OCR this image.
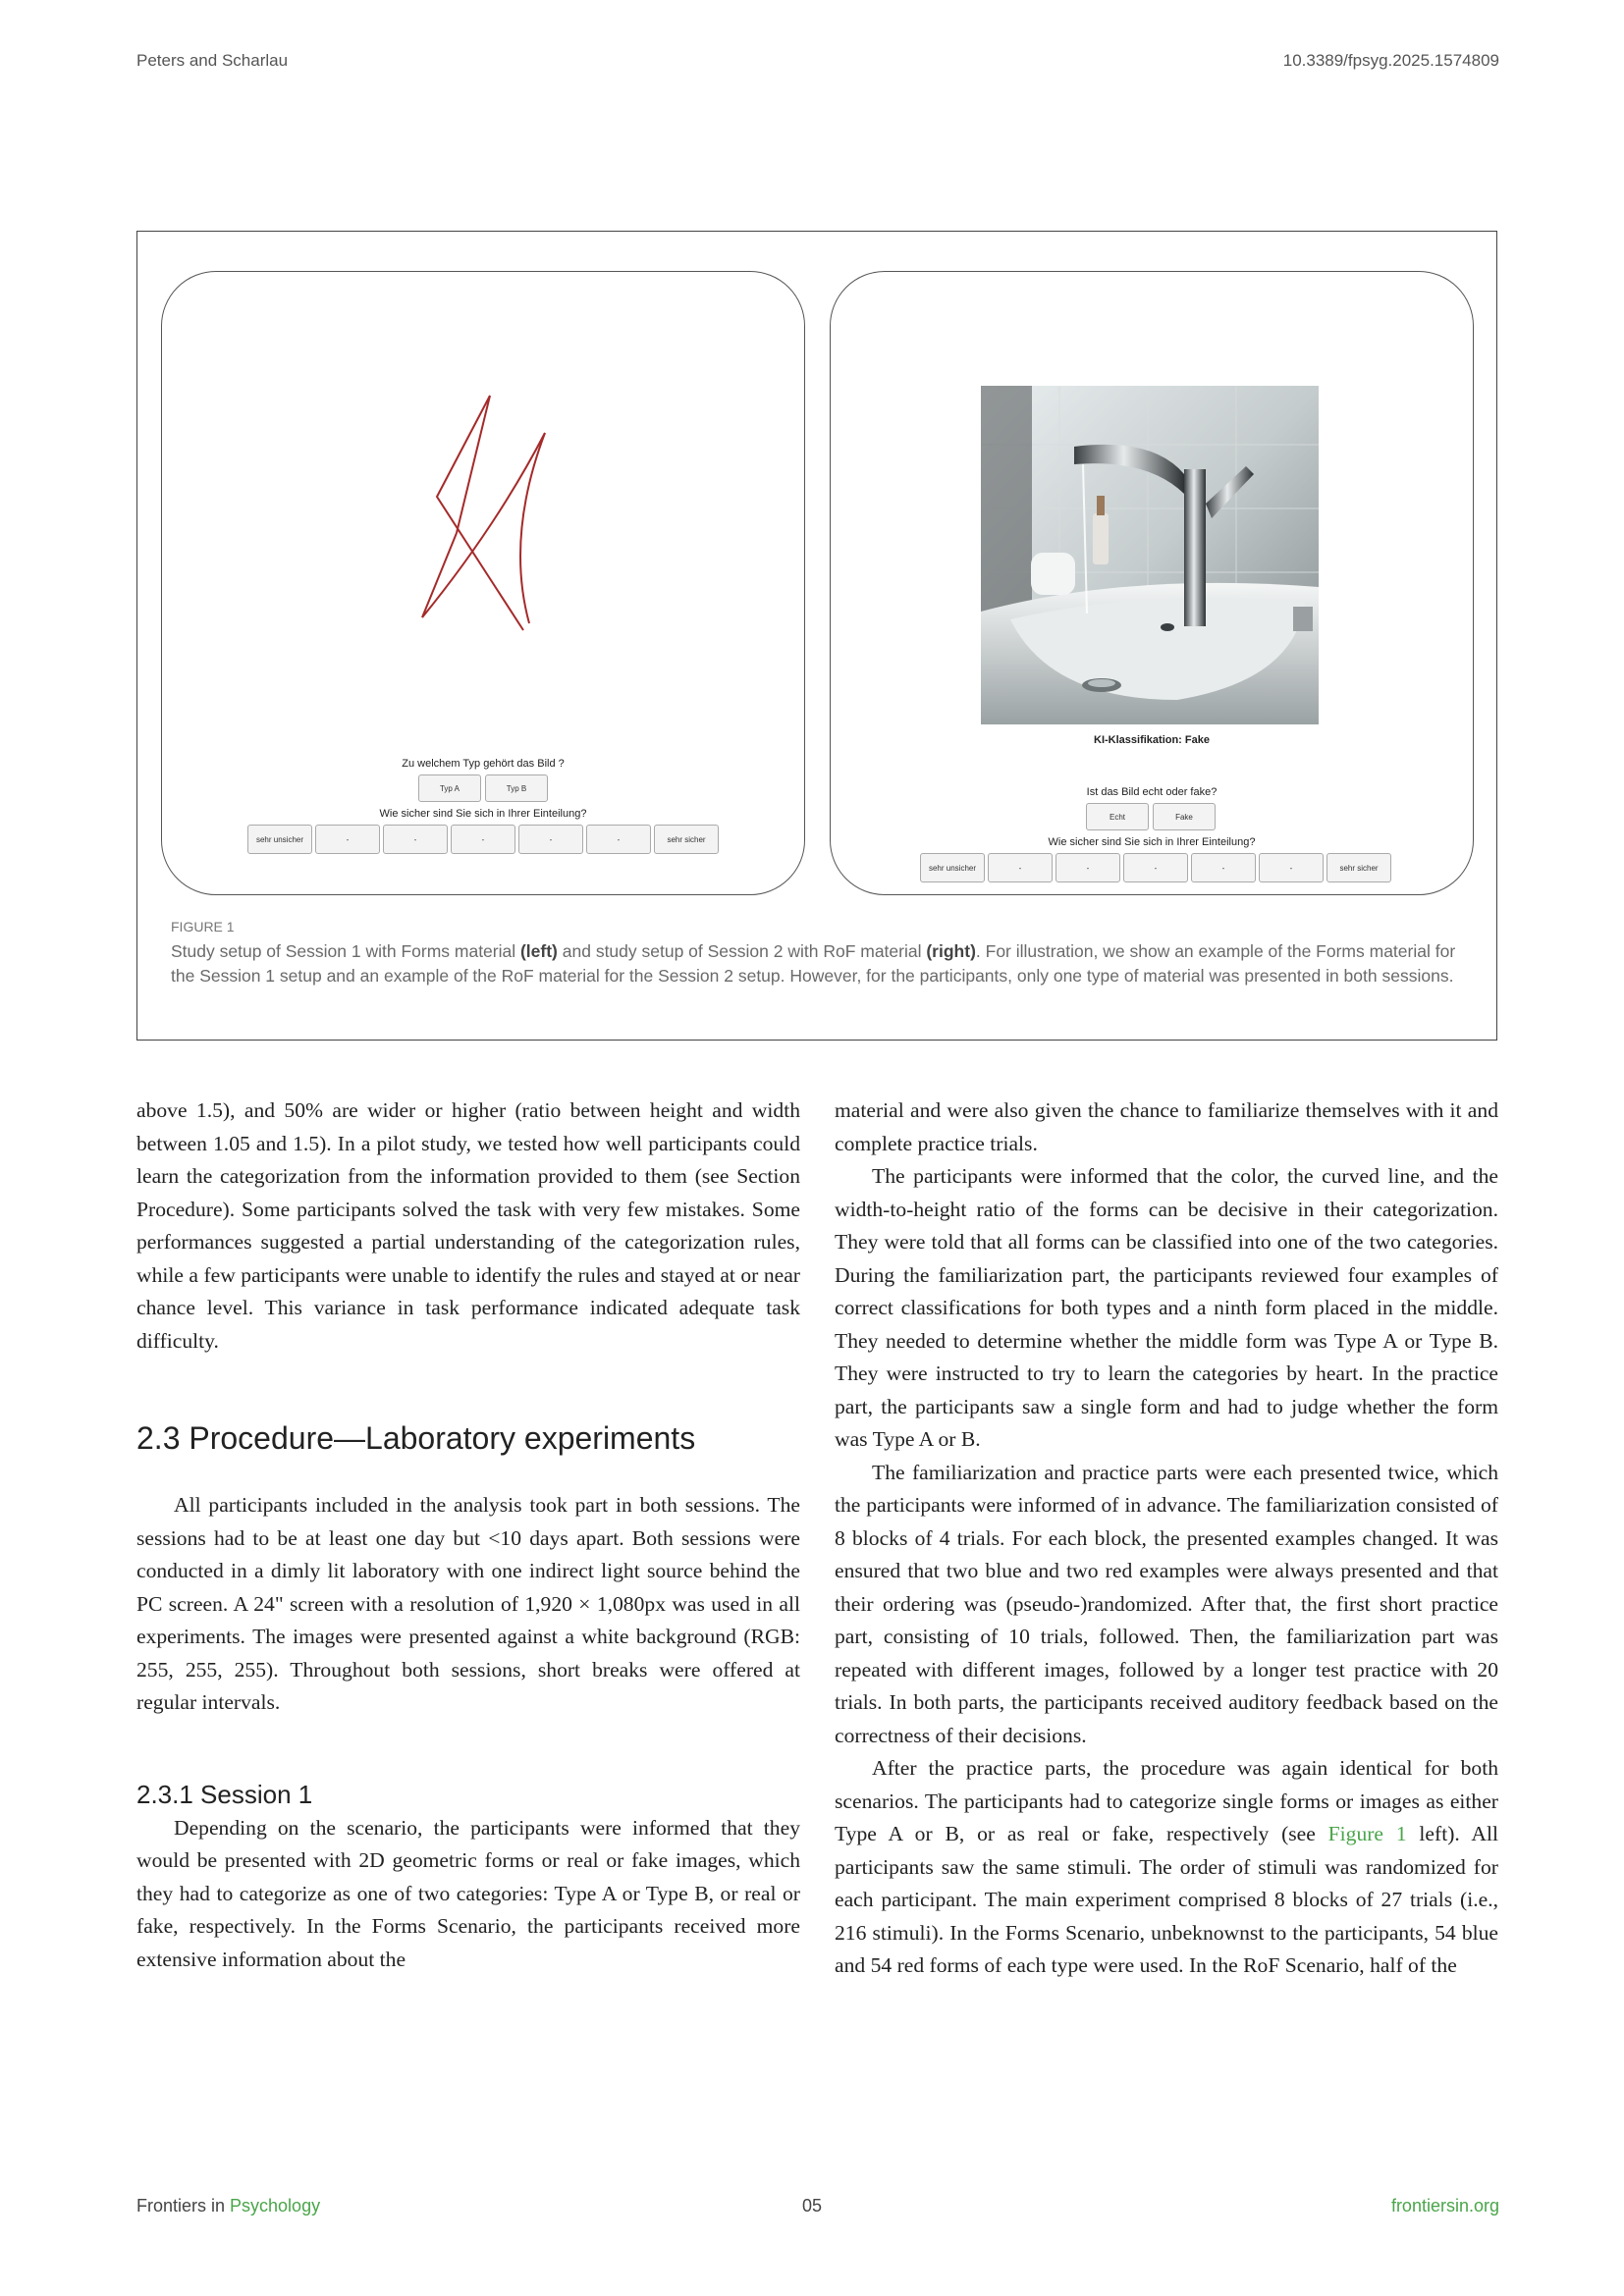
Peters and Scharlau	10.3389/fpsyg.2025.1574809
Zu welchem Typ gehört das Bild ?
Typ A	Typ B
Wie sicher sind Sie sich in Ihrer Einteilung?
sehr unsicher	-	-	-	-	-	sehr sicher
KI-Klassifikation: Fake
Ist das Bild echt oder fake?
Echt	Fake
Wie sicher sind Sie sich in Ihrer Einteilung?
sehr unsicher	-	-	-	-	-	sehr sicher
FIGURE 1

Study setup of Session 1 with Forms material (left) and study setup of Session 2 with RoF material (right). For illustration, we show an example of the Forms material for the Session 1 setup and an example of the RoF material for the Session 2 setup. However, for the participants, only one type of material was presented in both sessions.

above 1.5), and 50% are wider or higher (ratio between height and width between 1.05 and 1.5). In a pilot study, we tested how well participants could learn the categorization from the information provided to them (see Section Procedure). Some participants solved the task with very few mistakes. Some performances suggested a partial understanding of the categorization rules, while a few participants were unable to identify the rules and stayed at or near chance level. This variance in task performance indicated adequate task difficulty.

2.3 Procedure—Laboratory experiments

All participants included in the analysis took part in both sessions. The sessions had to be at least one day but <10 days apart. Both sessions were conducted in a dimly lit laboratory with one indirect light source behind the PC screen. A 24" screen with a resolution of 1,920 × 1,080px was used in all experiments. The images were presented against a white background (RGB: 255, 255, 255). Throughout both sessions, short breaks were offered at regular intervals.

2.3.1 Session 1

Depending on the scenario, the participants were informed that they would be presented with 2D geometric forms or real or fake images, which they had to categorize as one of two categories: Type A or Type B, or real or fake, respectively. In the Forms Scenario, the participants received more extensive information about the

material and were also given the chance to familiarize themselves with it and complete practice trials.

The participants were informed that the color, the curved line, and the width-to-height ratio of the forms can be decisive in their categorization. They were told that all forms can be classified into one of the two categories. During the familiarization part, the participants reviewed four examples of correct classifications for both types and a ninth form placed in the middle. They needed to determine whether the middle form was Type A or Type B. They were instructed to try to learn the categories by heart. In the practice part, the participants saw a single form and had to judge whether the form was Type A or B.

The familiarization and practice parts were each presented twice, which the participants were informed of in advance. The familiarization consisted of 8 blocks of 4 trials. For each block, the presented examples changed. It was ensured that two blue and two red examples were always presented and that their ordering was (pseudo-)randomized. After that, the first short practice part, consisting of 10 trials, followed. Then, the familiarization part was repeated with different images, followed by a longer test practice with 20 trials. In both parts, the participants received auditory feedback based on the correctness of their decisions.

After the practice parts, the procedure was again identical for both scenarios. The participants had to categorize single forms or images as either Type A or B, or as real or fake, respectively (see Figure 1 left). All participants saw the same stimuli. The order of stimuli was randomized for each participant. The main experiment comprised 8 blocks of 27 trials (i.e., 216 stimuli). In the Forms Scenario, unbeknownst to the participants, 54 blue and 54 red forms of each type were used. In the RoF Scenario, half of the

Frontiers in Psychology	05	frontiersin.org
